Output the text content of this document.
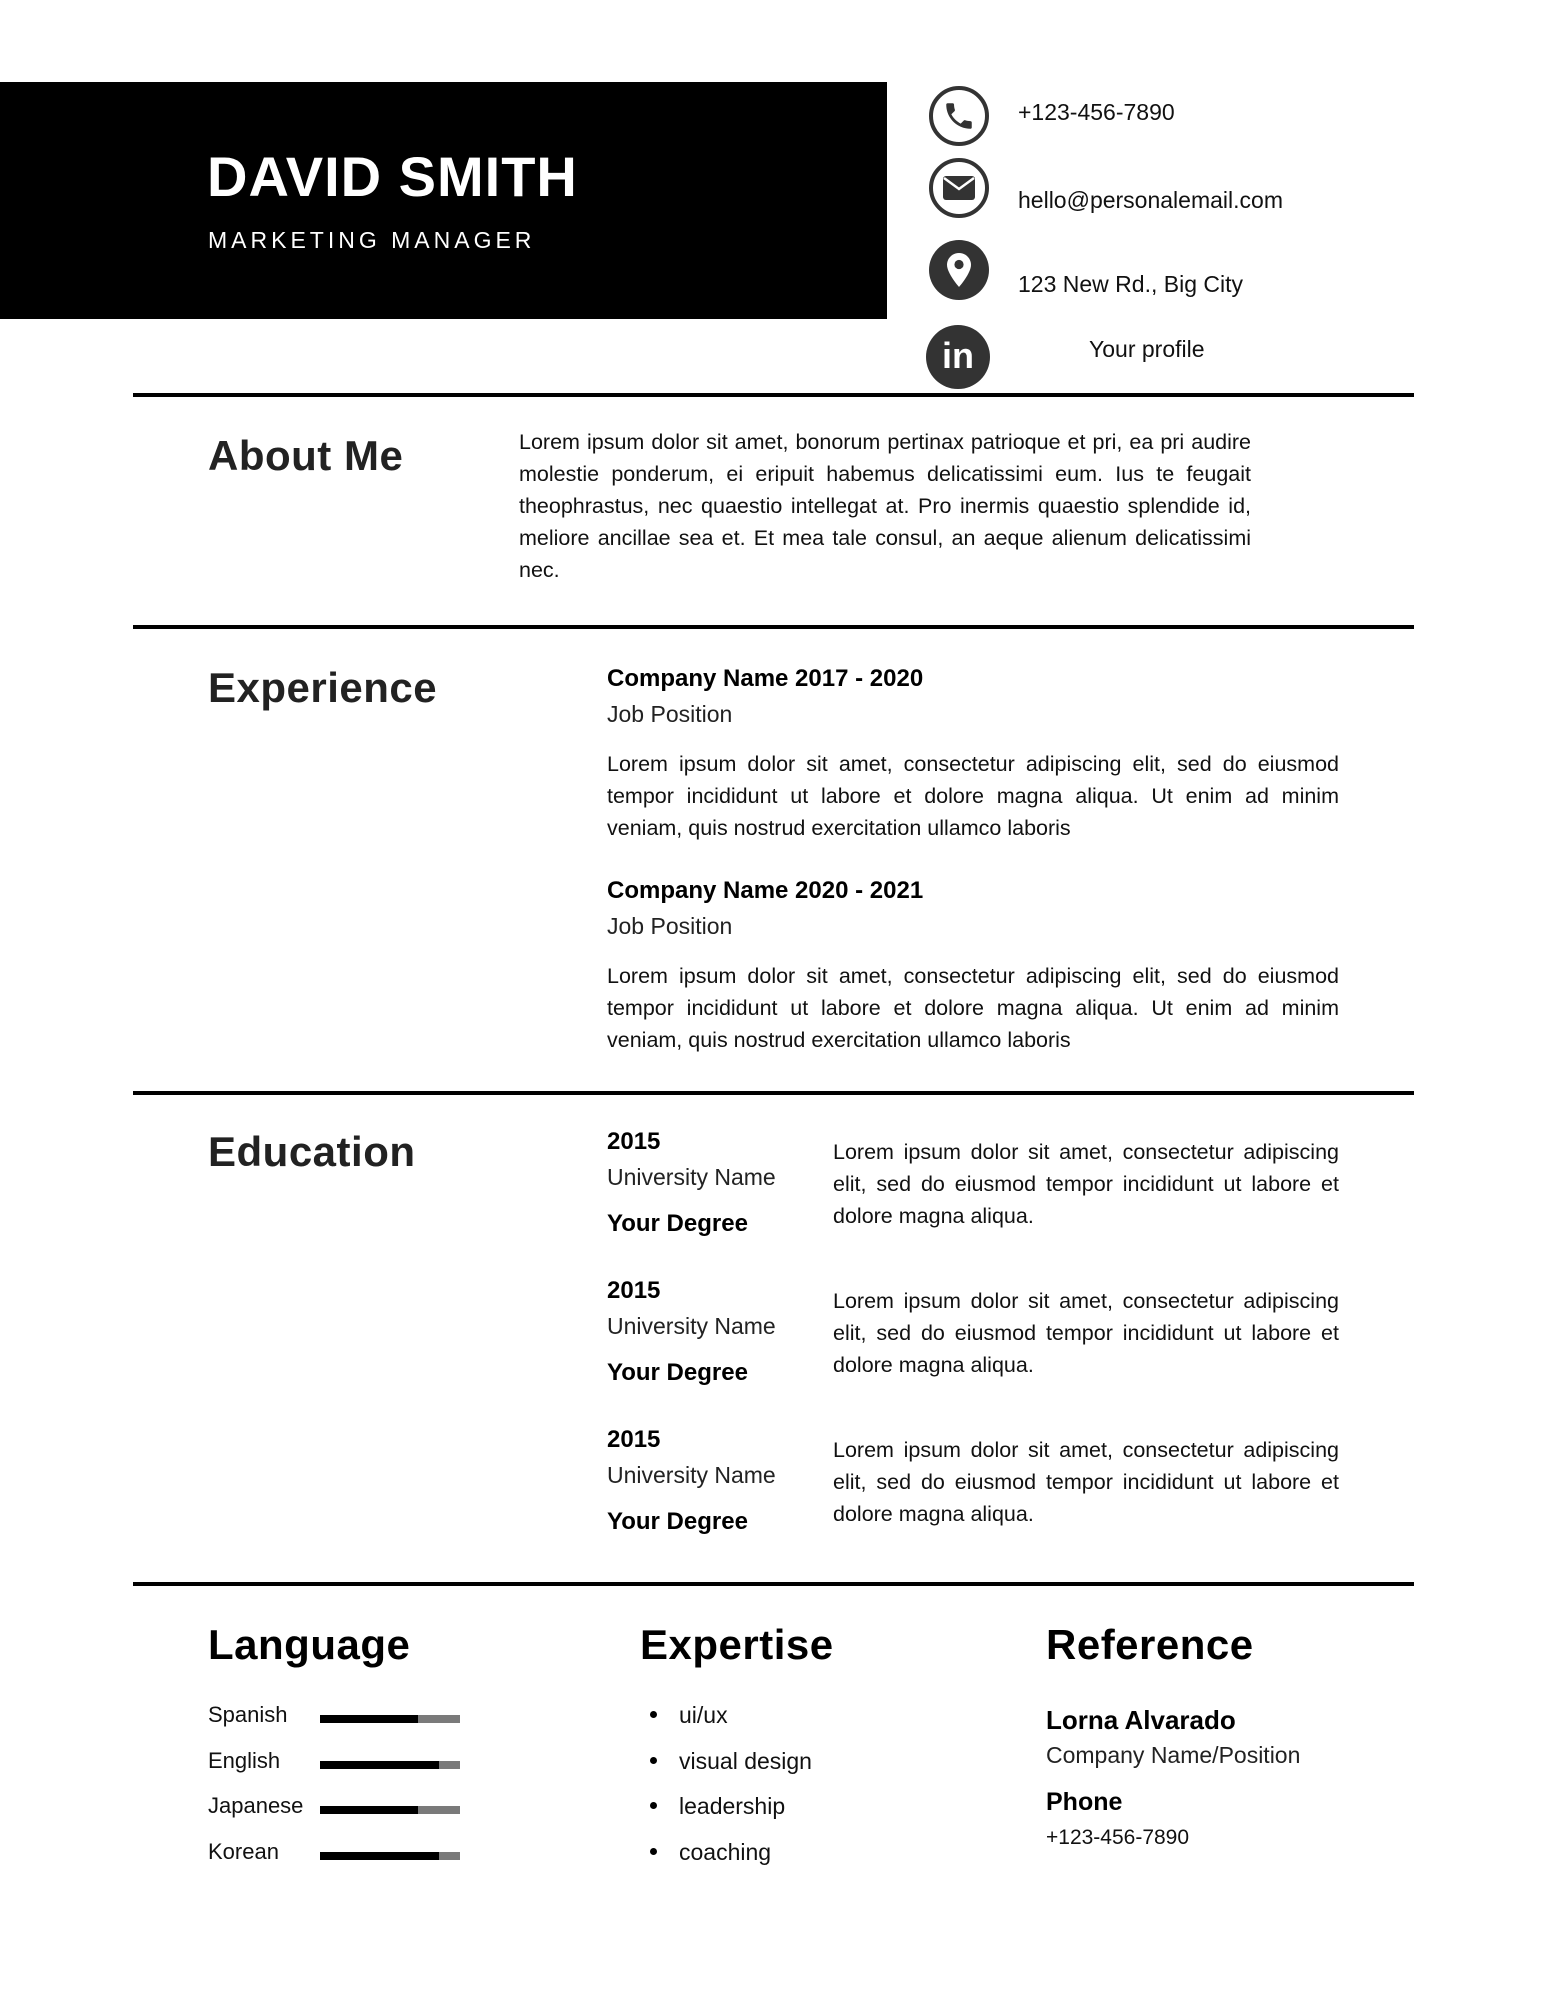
DAVID SMITH
MARKETING MANAGER
+123-456-7890
hello@personalemail.com
123 New Rd., Big City
in	Your profile
About Me	Lorem ipsum dolor sit amet, bonorum pertinax patrioque et pri, ea pri audire molestie ponderum, ei eripuit habemus delicatissimi eum. Ius te feugait theophrastus, nec quaestio intellegat at. Pro inermis quaestio splendide id, meliore ancillae sea et. Et mea tale consul, an aeque alienum delicatissimi nec.
Experience	Company Name 2017 - 2020
Job Position
Lorem ipsum dolor sit amet, consectetur adipiscing elit, sed do eiusmod tempor incididunt ut labore et dolore magna aliqua. Ut enim ad minim veniam, quis nostrud exercitation ullamco laboris
Company Name 2020 - 2021
Job Position
Lorem ipsum dolor sit amet, consectetur adipiscing elit, sed do eiusmod tempor incididunt ut labore et dolore magna aliqua. Ut enim ad minim veniam, quis nostrud exercitation ullamco laboris
Education	2015
University Name
Your Degree
Lorem ipsum dolor sit amet, consectetur adipiscing elit, sed do eiusmod tempor incididunt ut labore et dolore magna aliqua.
2015
University Name
Your Degree
Lorem ipsum dolor sit amet, consectetur adipiscing elit, sed do eiusmod tempor incididunt ut labore et dolore magna aliqua.
2015
University Name
Your Degree
Lorem ipsum dolor sit amet, consectetur adipiscing elit, sed do eiusmod tempor incididunt ut labore et dolore magna aliqua.
Language
Spanish
English
Japanese
Korean
Expertise
ui/ux
visual design
leadership
coaching
Reference
Lorna Alvarado
Company Name/Position
Phone
+123-456-7890
